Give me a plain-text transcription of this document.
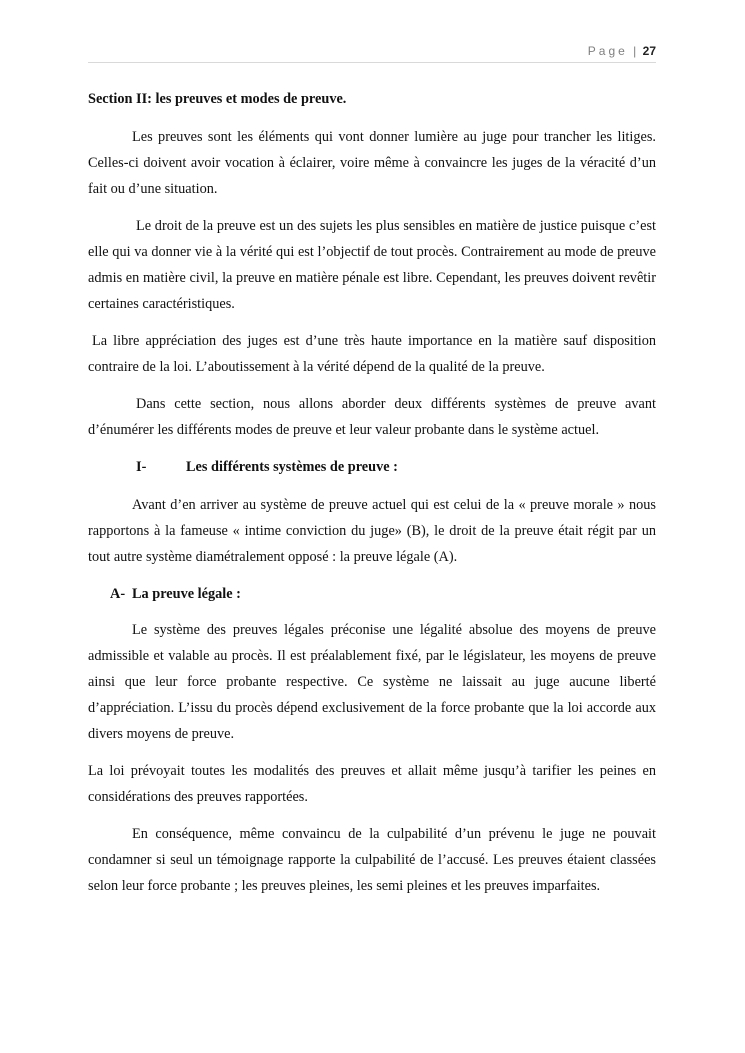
Page | 27
Section II: les preuves et modes de preuve.

Les preuves sont les éléments qui vont donner lumière au juge pour trancher les litiges. Celles-ci doivent avoir vocation à éclairer, voire même à convaincre les juges de la véracité d’un fait ou d’une situation.

Le droit de la preuve est un des sujets les plus sensibles en matière de justice puisque c’est elle qui va donner vie à la vérité qui est l’objectif de tout procès. Contrairement au mode de preuve admis en matière civil, la preuve en matière pénale est libre. Cependant, les preuves doivent revêtir certaines caractéristiques.

La libre appréciation des juges est d’une très haute importance en la matière sauf disposition contraire de la loi. L’aboutissement à la vérité dépend de la qualité de la preuve.

Dans cette section, nous allons aborder deux différents systèmes de preuve avant d’énumérer les différents modes de preuve et leur valeur probante dans le système actuel.

I-	Les différents systèmes de preuve :

Avant d’en arriver au système de preuve actuel qui est celui de la « preuve morale » nous rapportons à la fameuse « intime conviction du juge» (B), le droit de la preuve était régit par un tout autre système diamétralement opposé : la preuve légale (A).

A- La preuve légale :

Le système des preuves légales préconise une légalité absolue des moyens de preuve admissible et valable au procès. Il est préalablement fixé, par le législateur, les moyens de preuve ainsi que leur force probante respective. Ce système ne laissait au juge aucune liberté d’appréciation. L’issu du procès dépend exclusivement de la force probante que la loi accorde aux divers moyens de preuve.

La loi prévoyait toutes les modalités des preuves et allait même jusqu’à tarifier les peines en considérations des preuves rapportées.

En conséquence, même convaincu de la culpabilité d’un prévenu le juge ne pouvait condamner si seul un témoignage rapporte la culpabilité de l’accusé. Les preuves étaient classées selon leur force probante ; les preuves pleines, les semi pleines et les preuves imparfaites.
